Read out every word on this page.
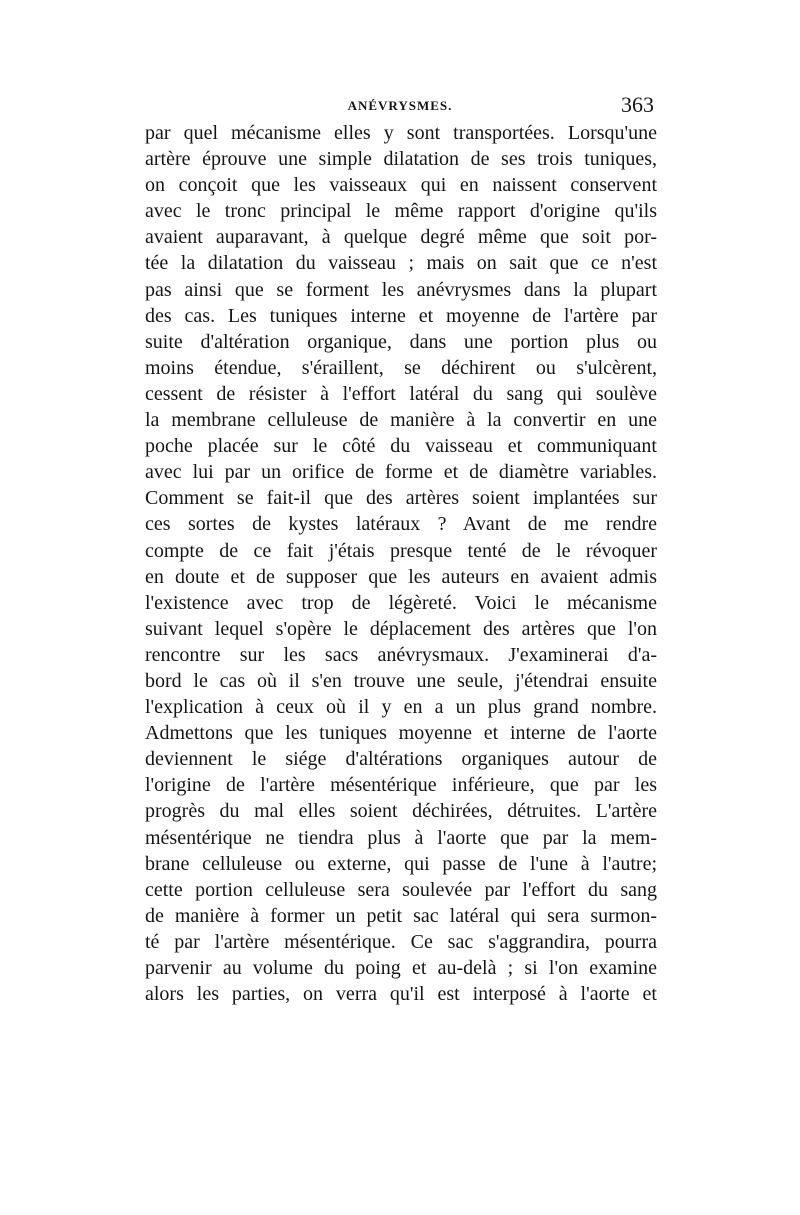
ANÉVRYSMES.	363
par quel mécanisme elles y sont transportées. Lorsqu'une
artère éprouve une simple dilatation de ses trois tuniques,
on conçoit que les vaisseaux qui en naissent conservent
avec le tronc principal le même rapport d'origine qu'ils
avaient auparavant, à quelque degré même que soit por-
tée la dilatation du vaisseau ; mais on sait que ce n'est
pas ainsi que se forment les anévrysmes dans la plupart
des cas. Les tuniques interne et moyenne de l'artère par
suite d'altération organique, dans une portion plus ou
moins étendue, s'éraillent, se déchirent ou s'ulcèrent,
cessent de résister à l'effort latéral du sang qui soulève
la membrane celluleuse de manière à la convertir en une
poche placée sur le côté du vaisseau et communiquant
avec lui par un orifice de forme et de diamètre variables.
Comment se fait-il que des artères soient implantées sur
ces sortes de kystes latéraux ? Avant de me rendre
compte de ce fait j'étais presque tenté de le révoquer
en doute et de supposer que les auteurs en avaient admis
l'existence avec trop de légèreté. Voici le mécanisme
suivant lequel s'opère le déplacement des artères que l'on
rencontre sur les sacs anévrysmaux. J'examinerai d'a-
bord le cas où il s'en trouve une seule, j'étendrai ensuite
l'explication à ceux où il y en a un plus grand nombre.
Admettons que les tuniques moyenne et interne de l'aorte
deviennent le siége d'altérations organiques autour de
l'origine de l'artère mésentérique inférieure, que par les
progrès du mal elles soient déchirées, détruites. L'artère
mésentérique ne tiendra plus à l'aorte que par la mem-
brane celluleuse ou externe, qui passe de l'une à l'autre;
cette portion celluleuse sera soulevée par l'effort du sang
de manière à former un petit sac latéral qui sera surmon-
té par l'artère mésentérique. Ce sac s'aggrandira, pourra
parvenir au volume du poing et au-delà ; si l'on examine
alors les parties, on verra qu'il est interposé à l'aorte et
